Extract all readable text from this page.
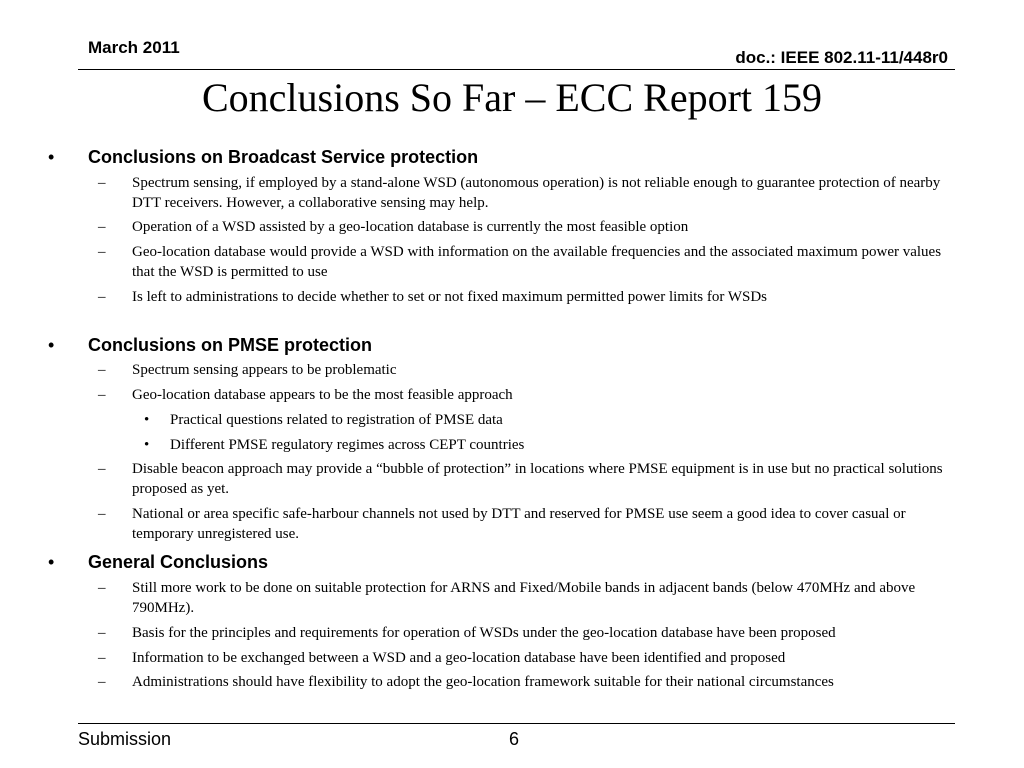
March 2011
doc.: IEEE 802.11-11/448r0
Conclusions So Far – ECC Report 159
• Conclusions on Broadcast Service protection
– Spectrum sensing, if employed by a stand-alone WSD (autonomous operation) is not reliable enough to guarantee protection of nearby DTT receivers. However, a collaborative sensing may help.
– Operation of a WSD assisted by a geo-location database is currently the most feasible option
– Geo-location database would provide a WSD with information on the available frequencies and the associated maximum power values that the WSD is permitted to use
– Is left to administrations to decide whether to set or not fixed maximum permitted power limits for WSDs
• Conclusions on PMSE protection
– Spectrum sensing appears to be problematic
– Geo-location database appears to be the most feasible approach
• Practical questions related to registration of PMSE data
• Different PMSE regulatory regimes across CEPT countries
– Disable beacon approach may provide a “bubble of protection” in locations where PMSE equipment is in use but no practical solutions proposed as yet.
– National or area specific safe-harbour channels not used by DTT and reserved for PMSE use seem a good idea to cover casual or temporary unregistered use.
• General Conclusions
– Still more work to be done on suitable protection for ARNS and Fixed/Mobile bands in adjacent bands (below 470MHz and above 790MHz).
– Basis for the principles and requirements for operation of WSDs under the geo-location database have been proposed
– Information to be exchanged between a WSD and a geo-location database have been identified and proposed
– Administrations should have flexibility to adopt the geo-location framework suitable for their national circumstances
Submission	6
